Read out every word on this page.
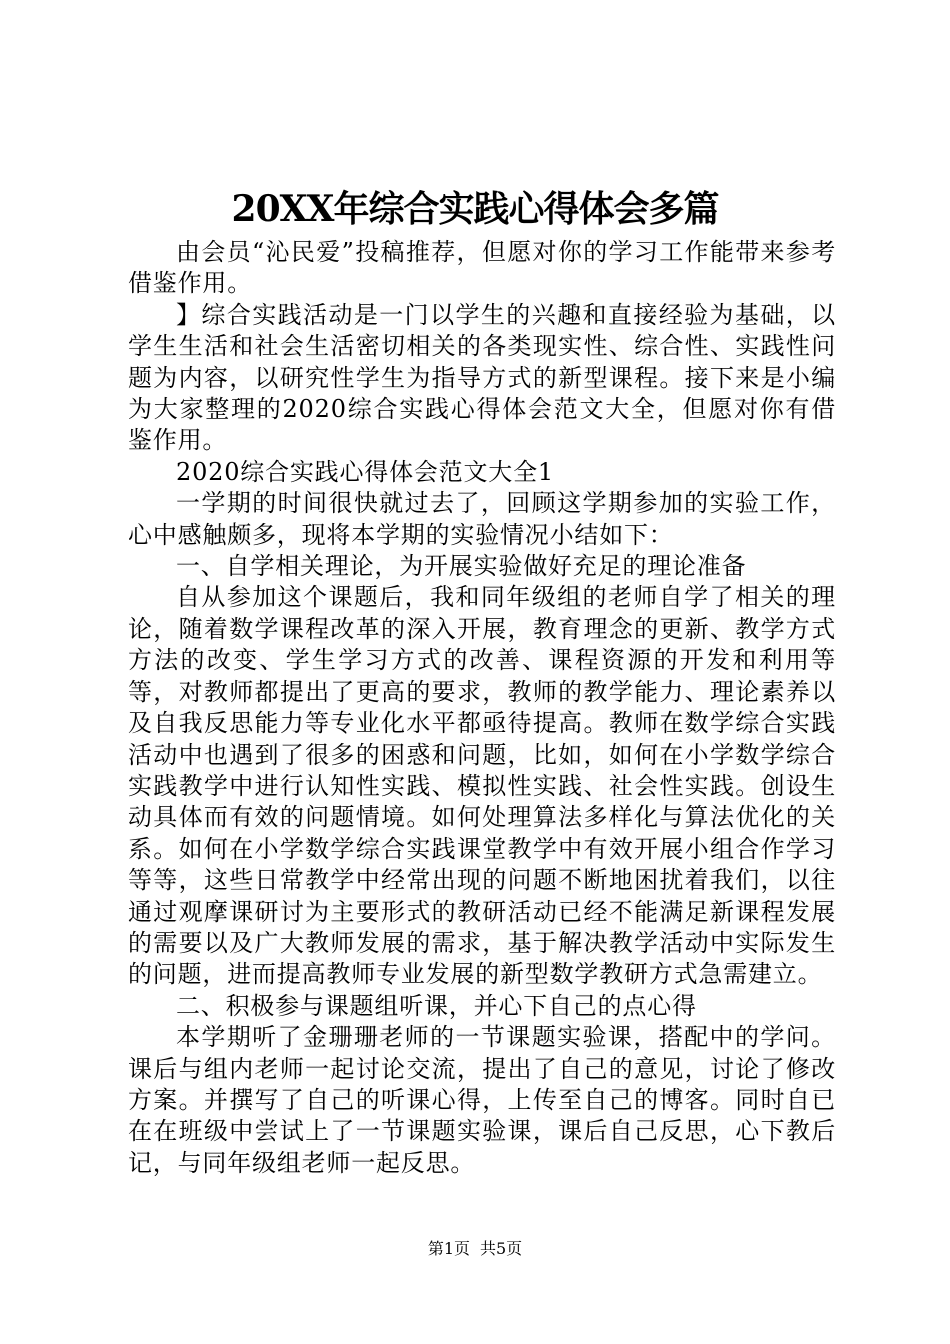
20XX年综合实践心得体会多篇

由会员“沁民爱”投稿推荐，但愿对你的学习工作能带来参考借鉴作用。

】综合实践活动是一门以学生的兴趣和直接经验为基础，以学生生活和社会生活密切相关的各类现实性、综合性、实践性问题为内容，以研究性学生为指导方式的新型课程。接下来是小编为大家整理的2020综合实践心得体会范文大全，但愿对你有借鉴作用。

2020综合实践心得体会范文大全1

一学期的时间很快就过去了，回顾这学期参加的实验工作，心中感触颇多，现将本学期的实验情况小结如下：

一、自学相关理论，为开展实验做好充足的理论准备

自从参加这个课题后，我和同年级组的老师自学了相关的理论，随着数学课程改革的深入开展，教育理念的更新、教学方式方法的改变、学生学习方式的改善、课程资源的开发和利用等等，对教师都提出了更高的要求，教师的教学能力、理论素养以及自我反思能力等专业化水平都亟待提高。教师在数学综合实践活动中也遇到了很多的困惑和问题，比如，如何在小学数学综合实践教学中进行认知性实践、模拟性实践、社会性实践。创设生动具体而有效的问题情境。如何处理算法多样化与算法优化的关系。如何在小学数学综合实践课堂教学中有效开展小组合作学习等等，这些日常教学中经常出现的问题不断地困扰着我们，以往通过观摩课研讨为主要形式的教研活动已经不能满足新课程发展的需要以及广大教师发展的需求，基于解决教学活动中实际发生的问题，进而提高教师专业发展的新型数学教研方式急需建立。

二、积极参与课题组听课，并心下自己的点心得

本学期听了金珊珊老师的一节课题实验课，搭配中的学问。课后与组内老师一起讨论交流，提出了自己的意见，讨论了修改方案。并撰写了自己的听课心得，上传至自己的博客。同时自已在在班级中尝试上了一节课题实验课，课后自己反思，心下教后记，与同年级组老师一起反思。

第1页 共5页
